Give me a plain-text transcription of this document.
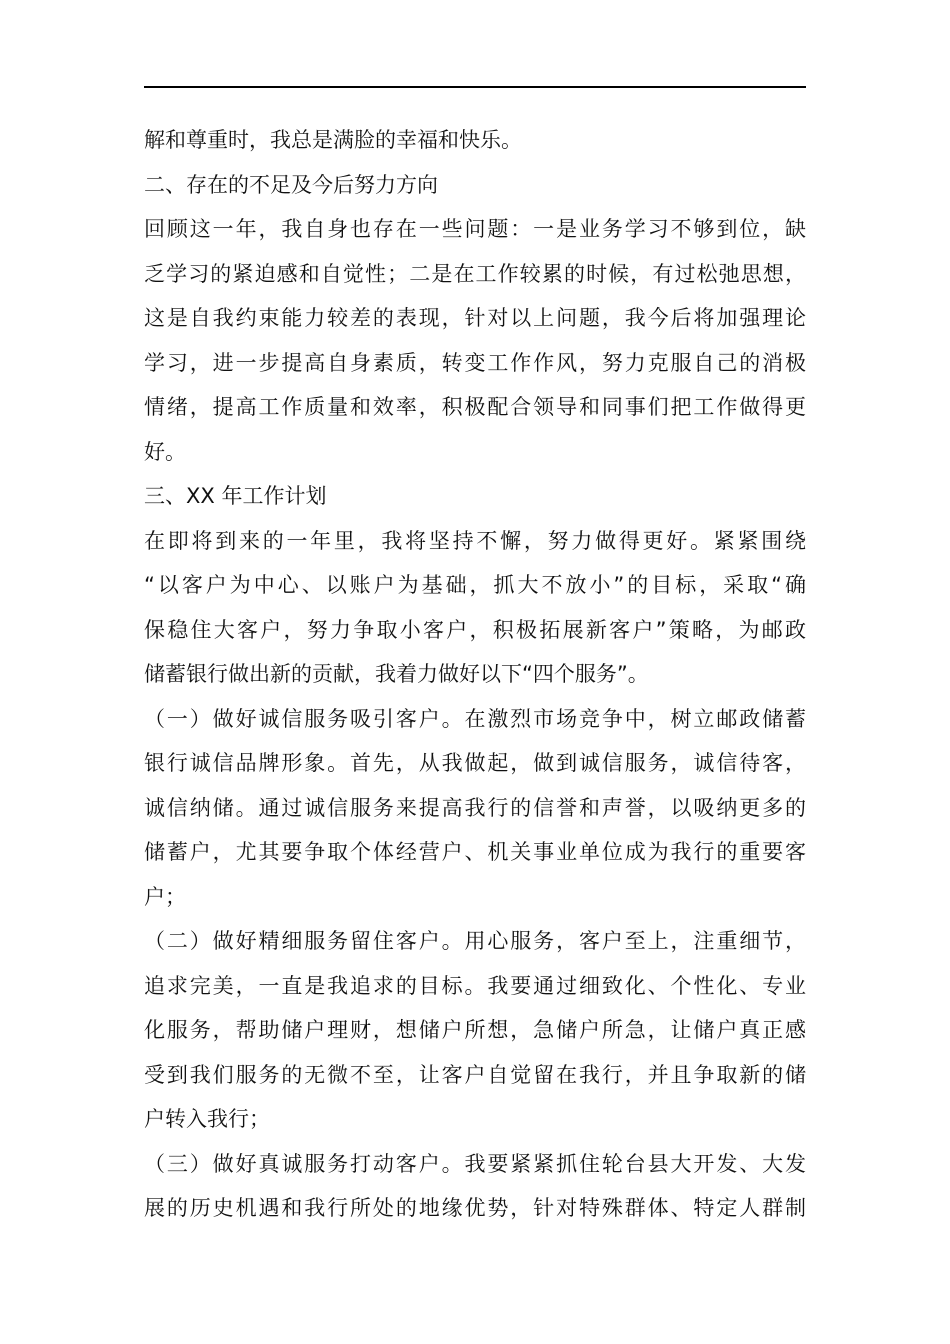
解和尊重时，我总是满脸的幸福和快乐。
二、存在的不足及今后努力方向
回顾这一年，我自身也存在一些问题：一是业务学习不够到位，缺
乏学习的紧迫感和自觉性；二是在工作较累的时候，有过松弛思想，
这是自我约束能力较差的表现，针对以上问题，我今后将加强理论
学习，进一步提高自身素质，转变工作作风，努力克服自己的消极
情绪，提高工作质量和效率，积极配合领导和同事们把工作做得更
好。
三、XX 年工作计划
在即将到来的一年里，我将坚持不懈，努力做得更好。紧紧围绕
“以客户为中心、以账户为基础，抓大不放小”的目标，采取“确
保稳住大客户，努力争取小客户，积极拓展新客户”策略，为邮政
储蓄银行做出新的贡献，我着力做好以下“四个服务”。
（一）做好诚信服务吸引客户。在激烈市场竞争中，树立邮政储蓄
银行诚信品牌形象。首先，从我做起，做到诚信服务，诚信待客，
诚信纳储。通过诚信服务来提高我行的信誉和声誉，以吸纳更多的
储蓄户，尤其要争取个体经营户、机关事业单位成为我行的重要客
户；
（二）做好精细服务留住客户。用心服务，客户至上，注重细节，
追求完美，一直是我追求的目标。我要通过细致化、个性化、专业
化服务，帮助储户理财，想储户所想，急储户所急，让储户真正感
受到我们服务的无微不至，让客户自觉留在我行，并且争取新的储
户转入我行；
（三）做好真诚服务打动客户。我要紧紧抓住轮台县大开发、大发
展的历史机遇和我行所处的地缘优势，针对特殊群体、特定人群制
